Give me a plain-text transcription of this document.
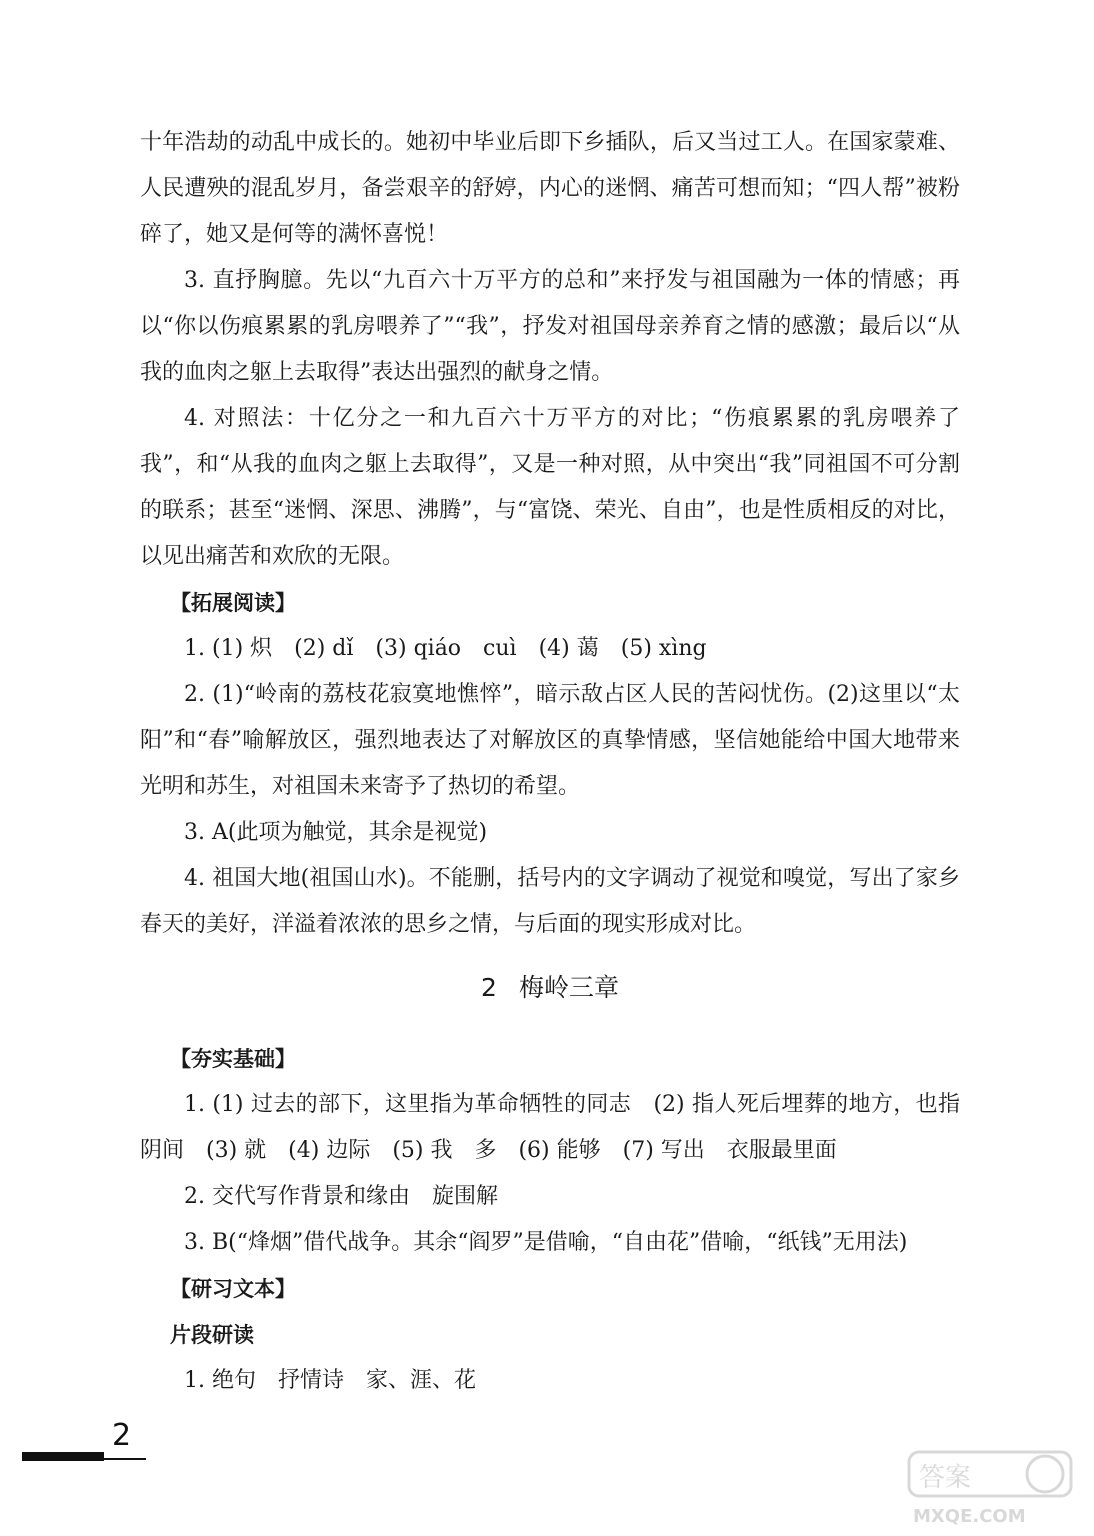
十年浩劫的动乱中成长的。她初中毕业后即下乡插队，后又当过工人。在国家蒙难、人民遭殃的混乱岁月，备尝艰辛的舒婷，内心的迷惘、痛苦可想而知；“四人帮”被粉碎了，她又是何等的满怀喜悦！

3. 直抒胸臆。先以“九百六十万平方的总和”来抒发与祖国融为一体的情感；再以“你以伤痕累累的乳房喂养了”“我”，抒发对祖国母亲养育之情的感激；最后以“从我的血肉之躯上去取得”表达出强烈的献身之情。

4. 对照法：十亿分之一和九百六十万平方的对比；“伤痕累累的乳房喂养了我”，和“从我的血肉之躯上去取得”，又是一种对照，从中突出“我”同祖国不可分割的联系；甚至“迷惘、深思、沸腾”，与“富饶、荣光、自由”，也是性质相反的对比，以见出痛苦和欢欣的无限。

【拓展阅读】

1. (1) 炽　(2) dǐ　(3) qiáo　cuì　(4) 蔼　(5) xìng

2. (1)“岭南的荔枝花寂寞地憔悴”，暗示敌占区人民的苦闷忧伤。(2)这里以“太阳”和“春”喻解放区，强烈地表达了对解放区的真挚情感，坚信她能给中国大地带来光明和苏生，对祖国未来寄予了热切的希望。

3. A(此项为触觉，其余是视觉)

4. 祖国大地(祖国山水)。不能删，括号内的文字调动了视觉和嗅觉，写出了家乡春天的美好，洋溢着浓浓的思乡之情，与后面的现实形成对比。

2 梅岭三章

【夯实基础】

1. (1) 过去的部下，这里指为革命牺牲的同志　(2) 指人死后埋葬的地方，也指阴间　(3) 就　(4) 边际　(5) 我　多　(6) 能够　(7) 写出　衣服最里面

2. 交代写作背景和缘由　旋围解

3. B(“烽烟”借代战争。其余“阎罗”是借喻，“自由花”借喻，“纸钱”无用法)

【研习文本】

片段研读

1. 绝句　抒情诗　家、涯、花

2
答案
MXQE.COM
